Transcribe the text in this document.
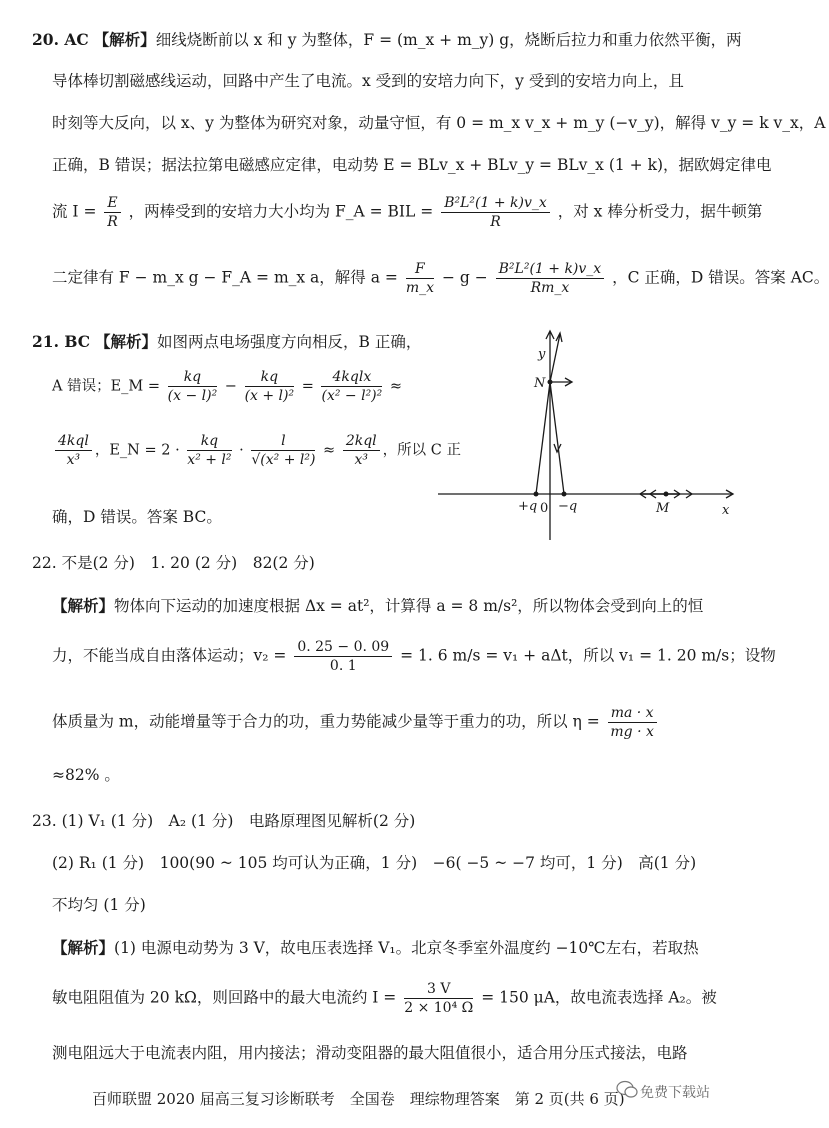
20. AC 【解析】细线烧断前以 x 和 y 为整体，F = (m_x + m_y) g，烧断后拉力和重力依然平衡，两
导体棒切割磁感线运动，回路中产生了电流。x 受到的安培力向下，y 受到的安培力向上，且
时刻等大反向，以 x、y 为整体为研究对象，动量守恒，有 0 = m_x v_x + m_y (−v_y)，解得 v_y = k v_x，A
正确，B 错误；据法拉第电磁感应定律，电动势 E = BLv_x + BLv_y = BLv_x (1 + k)，据欧姆定律电
流 $I = \frac{E}{R}$ ，两棒受到的安培力大小均为 F_A = BIL = $\frac{\text{B²L²(1 + k)v\_x}}{R}$ ，对 x 棒分析受力，据牛顿第
二定律有 F − m_x g − F_A = m_x a，解得 $a = \frac{F}{m\_x} - g - \frac{\text{B²L²(1 + k)v\_x}}{Rm\_x}$ ，C 正确，D 错误。答案 AC。
21. BC 【解析】如图两点电场强度方向相反，B 正确，
A 错误；E_M = $\frac{kq}{\text{(x − l)²}} - \frac{kq}{\text{(x + l)²}} = \frac{\text{4kqlx}}{\text{(x² − l²)²}}$ ≈
$\frac{\text{4kql}}{\text{x³}}$ ，E_N = $2 \cdot \frac{kq}{\text{x² + l²}} \cdot \frac{l}{\text{√(x² + l²)}} \approx \frac{\text{2kql}}{\text{x³}}$ ，所以 C 正
确，D 错误。答案 BC。
y
x
N
M
+q 0 −q
22. 不是(2 分)　1. 20 (2 分)　82(2 分)
【解析】物体向下运动的加速度根据 Δx = at²，计算得 a = 8 m/s²，所以物体会受到向上的恒
力，不能当成自由落体运动；$v_2 = \frac{0. 25 - 0. 09}{0. 1} = 1$. 6 m/s = v₁ + aΔt，所以 v₁ = 1. 20 m/s；设物
体质量为 m，动能增量等于合力的功，重力势能减少量等于重力的功，所以 $\eta = \frac{ma \cdot x}{mg \cdot x}$
≈82% 。
23. (1) V₁ (1 分)　A₂ (1 分)　电路原理图见解析(2 分)
(2) R₁ (1 分)　100(90 ~ 105 均可认为正确，1 分)　−6( −5 ~ −7 均可，1 分)　高(1 分)
不均匀 (1 分)
【解析】(1) 电源电动势为 3 V，故电压表选择 V₁。北京冬季室外温度约 −10℃左右，若取热
敏电阻阻值为 20 kΩ，则回路中的最大电流约 $I = \frac{3 V}{\text{2 × 10⁴ Ω}} = 150$ μA，故电流表选择 A₂。被
测电阻远大于电流表内阻，用内接法；滑动变阻器的最大阻值很小，适合用分压式接法，电路
百师联盟 2020 届高三复习诊断联考　全国卷　理综物理答案　第 2 页(共 6 页) 免费下载站
